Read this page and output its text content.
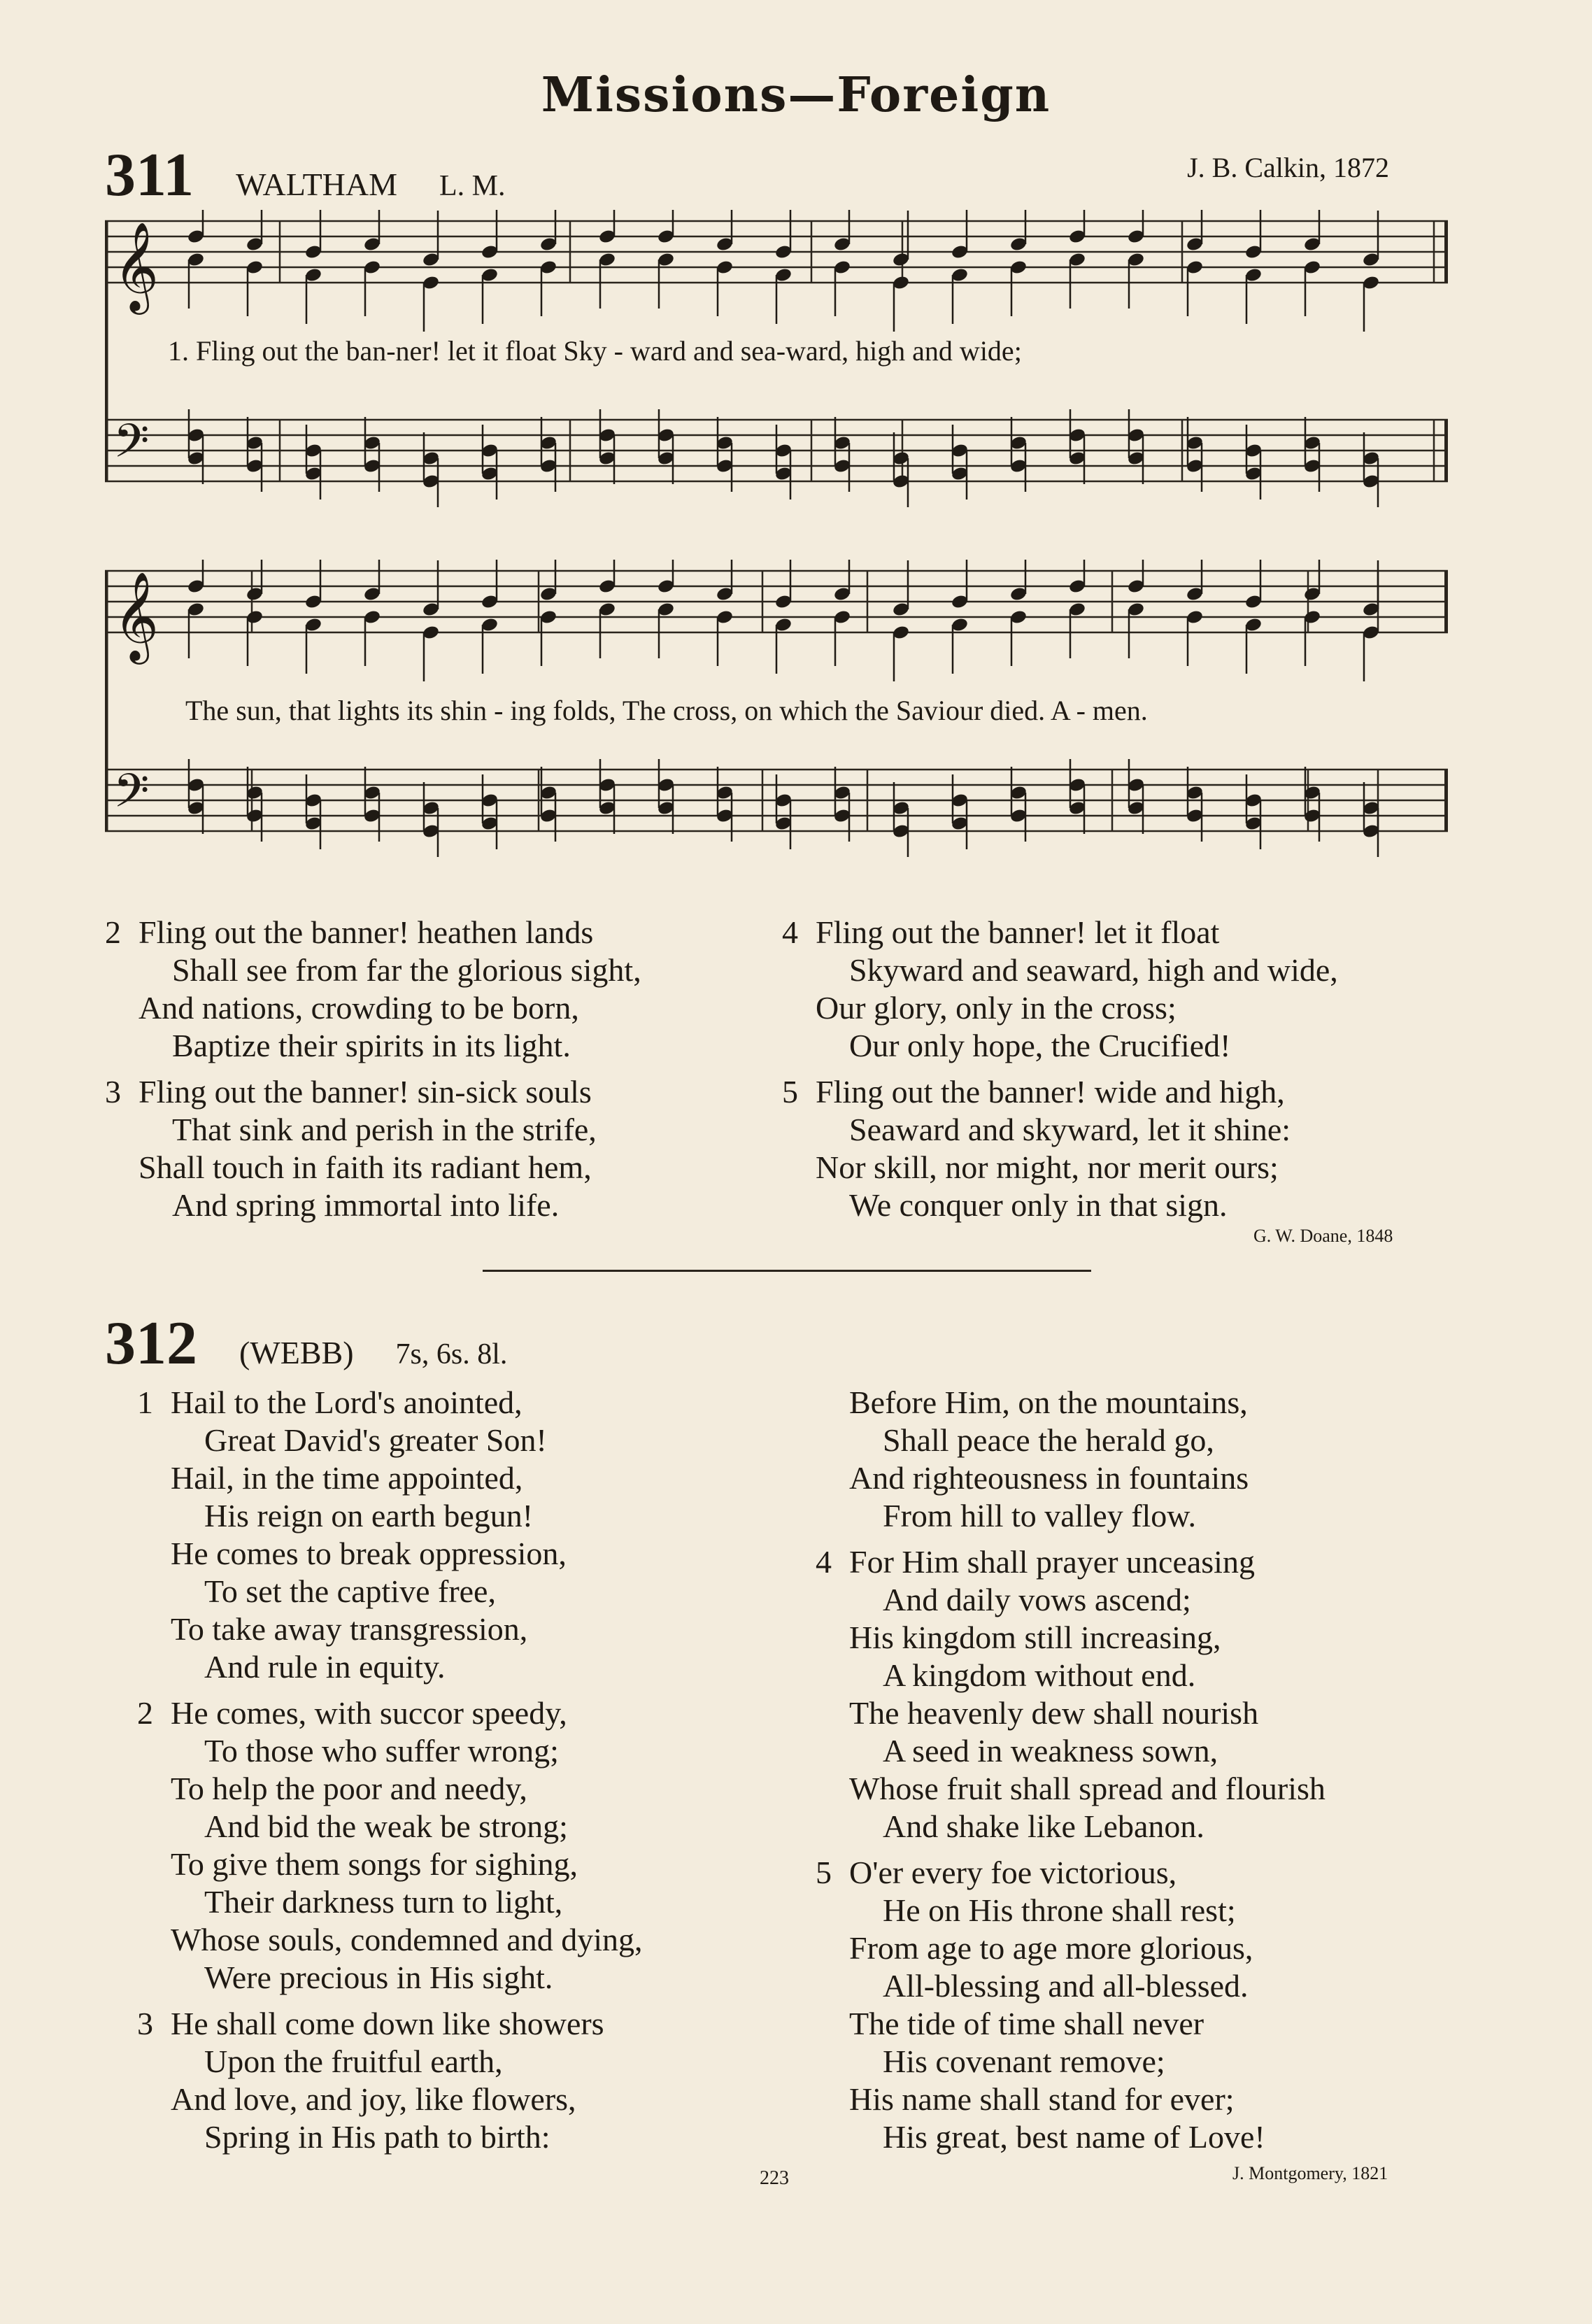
Missions—Foreign
311 WALTHAM L. M.
J. B. Calkin, 1872
𝄞
𝄢
1. Fling out the ban-ner! let it float Sky - ward and sea-ward, high and wide;
𝄞
𝄢
The sun, that lights its shin - ing folds, The cross, on which the Saviour died. A - men.
2 Fling out the banner! heathen lands
Shall see from far the glorious sight,
And nations, crowding to be born,
Baptize their spirits in its light.
3 Fling out the banner! sin-sick souls
That sink and perish in the strife,
Shall touch in faith its radiant hem,
And spring immortal into life.
4 Fling out the banner! let it float
Skyward and seaward, high and wide,
Our glory, only in the cross;
Our only hope, the Crucified!
5 Fling out the banner! wide and high,
Seaward and skyward, let it shine:
Nor skill, nor might, nor merit ours;
We conquer only in that sign.
G. W. Doane, 1848
312 (WEBB) 7s, 6s. 8l.
1 Hail to the Lord's anointed,
Great David's greater Son!
Hail, in the time appointed,
His reign on earth begun!
He comes to break oppression,
To set the captive free,
To take away transgression,
And rule in equity.
2 He comes, with succor speedy,
To those who suffer wrong;
To help the poor and needy,
And bid the weak be strong;
To give them songs for sighing,
Their darkness turn to light,
Whose souls, condemned and dying,
Were precious in His sight.
3 He shall come down like showers
Upon the fruitful earth,
And love, and joy, like flowers,
Spring in His path to birth:
Before Him, on the mountains,
Shall peace the herald go,
And righteousness in fountains
From hill to valley flow.
4 For Him shall prayer unceasing
And daily vows ascend;
His kingdom still increasing,
A kingdom without end.
The heavenly dew shall nourish
A seed in weakness sown,
Whose fruit shall spread and flourish
And shake like Lebanon.
5 O'er every foe victorious,
He on His throne shall rest;
From age to age more glorious,
All-blessing and all-blessed.
The tide of time shall never
His covenant remove;
His name shall stand for ever;
His great, best name of Love!
J. Montgomery, 1821
223
